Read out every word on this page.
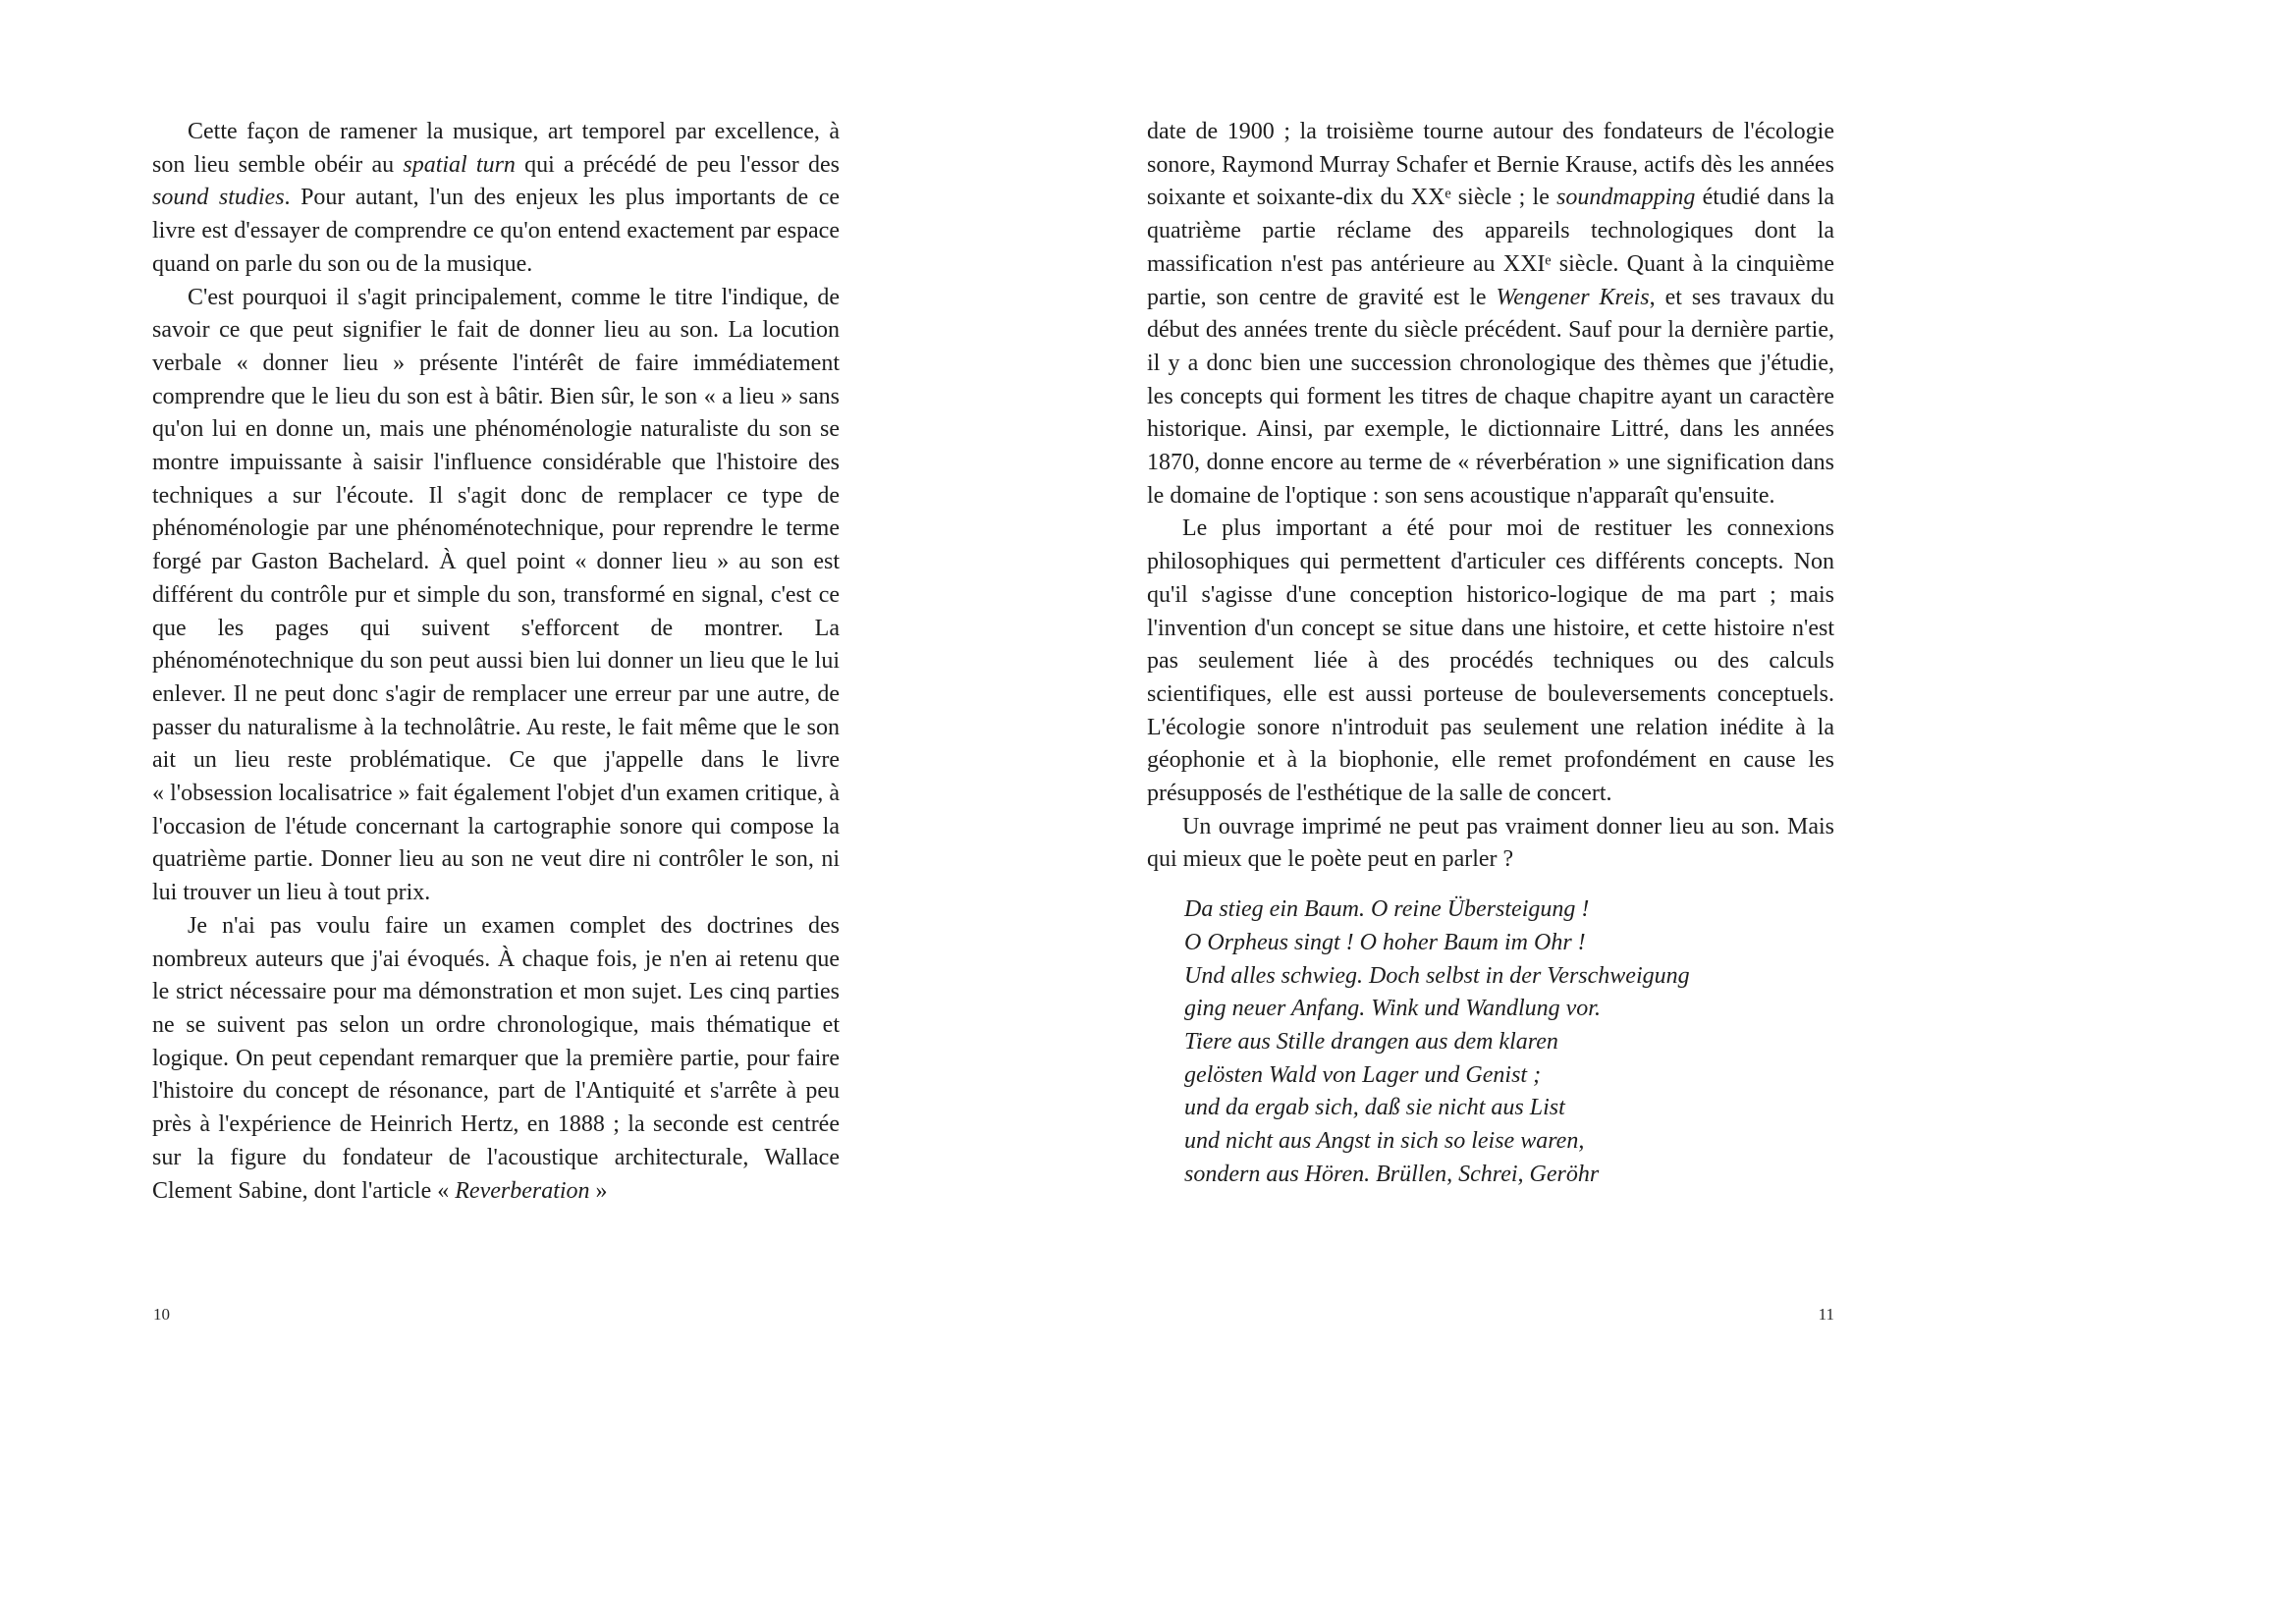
Cette façon de ramener la musique, art temporel par excellence, à son lieu semble obéir au spatial turn qui a précédé de peu l'essor des sound studies. Pour autant, l'un des enjeux les plus importants de ce livre est d'essayer de comprendre ce qu'on entend exactement par espace quand on parle du son ou de la musique.

C'est pourquoi il s'agit principalement, comme le titre l'indique, de savoir ce que peut signifier le fait de donner lieu au son. La locution verbale « donner lieu » présente l'intérêt de faire immédiatement comprendre que le lieu du son est à bâtir. Bien sûr, le son « a lieu » sans qu'on lui en donne un, mais une phénoménologie naturaliste du son se montre impuissante à saisir l'influence considérable que l'histoire des techniques a sur l'écoute. Il s'agit donc de remplacer ce type de phénoménologie par une phénoménotechnique, pour reprendre le terme forgé par Gaston Bachelard. À quel point « donner lieu » au son est différent du contrôle pur et simple du son, transformé en signal, c'est ce que les pages qui suivent s'efforcent de montrer. La phénoménotechnique du son peut aussi bien lui donner un lieu que le lui enlever. Il ne peut donc s'agir de remplacer une erreur par une autre, de passer du naturalisme à la technolâtrie. Au reste, le fait même que le son ait un lieu reste problématique. Ce que j'appelle dans le livre « l'obsession localisatrice » fait également l'objet d'un examen critique, à l'occasion de l'étude concernant la cartographie sonore qui compose la quatrième partie. Donner lieu au son ne veut dire ni contrôler le son, ni lui trouver un lieu à tout prix.

Je n'ai pas voulu faire un examen complet des doctrines des nombreux auteurs que j'ai évoqués. À chaque fois, je n'en ai retenu que le strict nécessaire pour ma démonstration et mon sujet. Les cinq parties ne se suivent pas selon un ordre chronologique, mais thématique et logique. On peut cependant remarquer que la première partie, pour faire l'histoire du concept de résonance, part de l'Antiquité et s'arrête à peu près à l'expérience de Heinrich Hertz, en 1888 ; la seconde est centrée sur la figure du fondateur de l'acoustique architecturale, Wallace Clement Sabine, dont l'article « Reverberation »

date de 1900 ; la troisième tourne autour des fondateurs de l'écologie sonore, Raymond Murray Schafer et Bernie Krause, actifs dès les années soixante et soixante-dix du XXᵉ siècle ; le soundmapping étudié dans la quatrième partie réclame des appareils technologiques dont la massification n'est pas antérieure au XXIᵉ siècle. Quant à la cinquième partie, son centre de gravité est le Wengener Kreis, et ses travaux du début des années trente du siècle précédent. Sauf pour la dernière partie, il y a donc bien une succession chronologique des thèmes que j'étudie, les concepts qui forment les titres de chaque chapitre ayant un caractère historique. Ainsi, par exemple, le dictionnaire Littré, dans les années 1870, donne encore au terme de « réverbération » une signification dans le domaine de l'optique : son sens acoustique n'apparaît qu'ensuite.

Le plus important a été pour moi de restituer les connexions philosophiques qui permettent d'articuler ces différents concepts. Non qu'il s'agisse d'une conception historico-logique de ma part ; mais l'invention d'un concept se situe dans une histoire, et cette histoire n'est pas seulement liée à des procédés techniques ou des calculs scientifiques, elle est aussi porteuse de bouleversements conceptuels. L'écologie sonore n'introduit pas seulement une relation inédite à la géophonie et à la biophonie, elle remet profondément en cause les présupposés de l'esthétique de la salle de concert.

Un ouvrage imprimé ne peut pas vraiment donner lieu au son. Mais qui mieux que le poète peut en parler ?

Da stieg ein Baum. O reine Übersteigung !
O Orpheus singt ! O hoher Baum im Ohr !
Und alles schwieg. Doch selbst in der Verschweigung
ging neuer Anfang. Wink und Wandlung vor.
Tiere aus Stille drangen aus dem klaren
gelösten Wald von Lager und Genist ;
und da ergab sich, daß sie nicht aus List
und nicht aus Angst in sich so leise waren,
sondern aus Hören. Brüllen, Schrei, Geröhr
10	11
